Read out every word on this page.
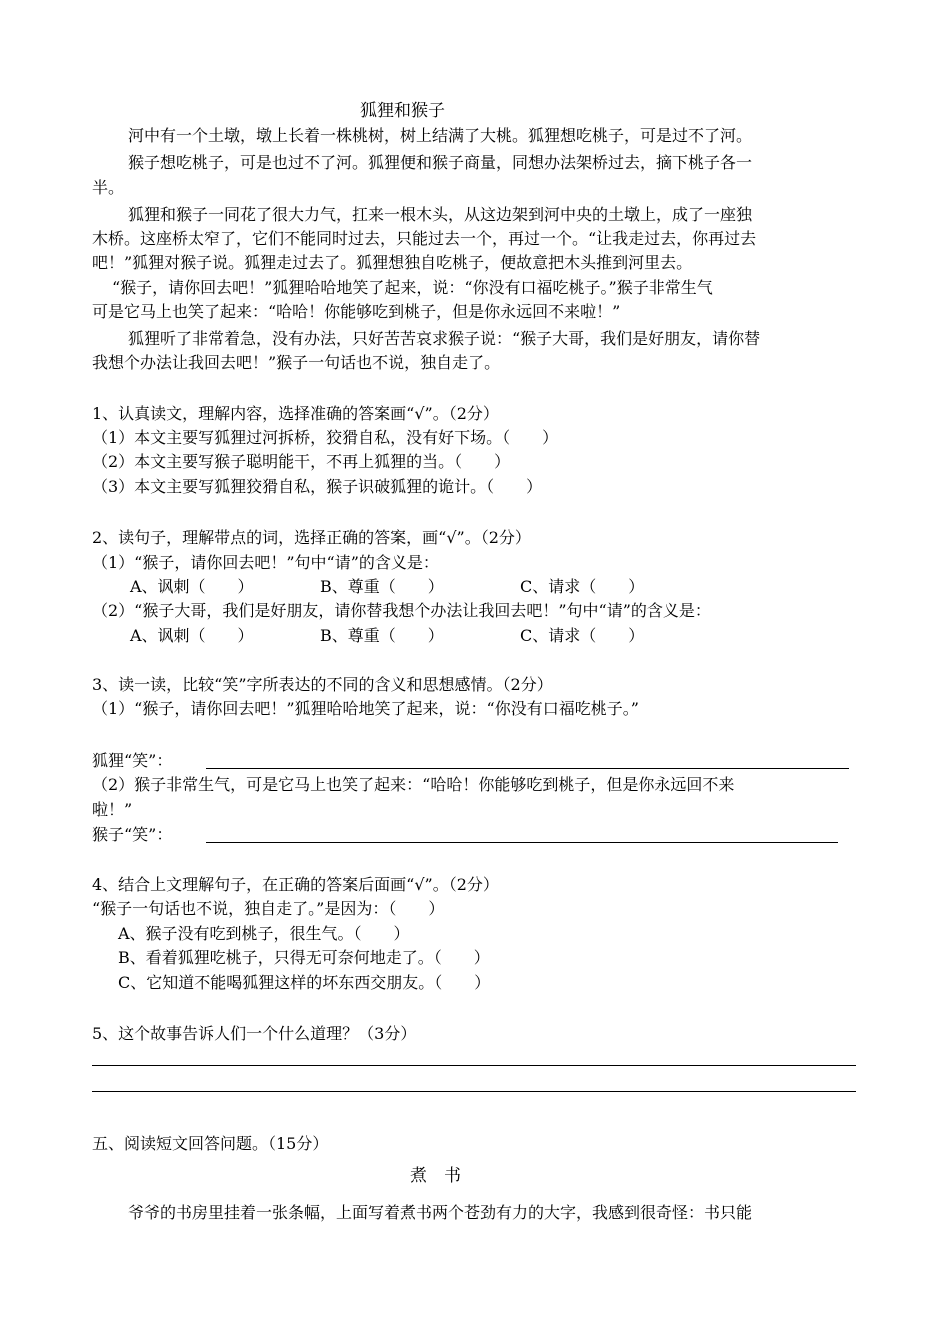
狐狸和猴子
河中有一个土墩，墩上长着一株桃树，树上结满了大桃。狐狸想吃桃子，可是过不了河。
猴子想吃桃子，可是也过不了河。狐狸便和猴子商量，同想办法架桥过去，摘下桃子各一
半。
狐狸和猴子一同花了很大力气，扛来一根木头，从这边架到河中央的土墩上，成了一座独
木桥。这座桥太窄了，它们不能同时过去，只能过去一个，再过一个。“让我走过去，你再过去
吧！”狐狸对猴子说。狐狸走过去了。狐狸想独自吃桃子，便故意把木头推到河里去。
“猴子，请你回去吧！”狐狸哈哈地笑了起来，说：“你没有口福吃桃子。”猴子非常生气
可是它马上也笑了起来：“哈哈！你能够吃到桃子，但是你永远回不来啦！”
狐狸听了非常着急，没有办法，只好苦苦哀求猴子说：“猴子大哥，我们是好朋友，请你替
我想个办法让我回去吧！”猴子一句话也不说，独自走了。
1、认真读文，理解内容，选择准确的答案画“√”。（2分）
（1）本文主要写狐狸过河拆桥，狡猾自私，没有好下场。（　　）
（2）本文主要写猴子聪明能干，不再上狐狸的当。（　　）
（3）本文主要写狐狸狡猾自私，猴子识破狐狸的诡计。（　　）
2、读句子，理解带点的词，选择正确的答案，画“√”。（2分）
（1）“猴子，请你回去吧！”句中“请”的含义是：
A、讽刺（　　）	B、尊重（　　）	C、请求（　　）
（2）“猴子大哥，我们是好朋友，请你替我想个办法让我回去吧！”句中“请”的含义是：
A、讽刺（　　）	B、尊重（　　）	C、请求（　　）
3、读一读，比较“笑”字所表达的不同的含义和思想感情。（2分）
（1）“猴子，请你回去吧！”狐狸哈哈地笑了起来，说：“你没有口福吃桃子。”
狐狸“笑”：
（2）猴子非常生气，可是它马上也笑了起来：“哈哈！你能够吃到桃子，但是你永远回不来
啦！”
猴子“笑”：
4、结合上文理解句子，在正确的答案后面画“√”。（2分）
“猴子一句话也不说，独自走了。”是因为：（　　）
A、猴子没有吃到桃子，很生气。（　　）
B、看着狐狸吃桃子，只得无可奈何地走了。（　　）
C、它知道不能喝狐狸这样的坏东西交朋友。（　　）
5、这个故事告诉人们一个什么道理？（3分）
五、阅读短文回答问题。（15分）
煮　书
爷爷的书房里挂着一张条幅，上面写着煮书两个苍劲有力的大字，我感到很奇怪：书只能
